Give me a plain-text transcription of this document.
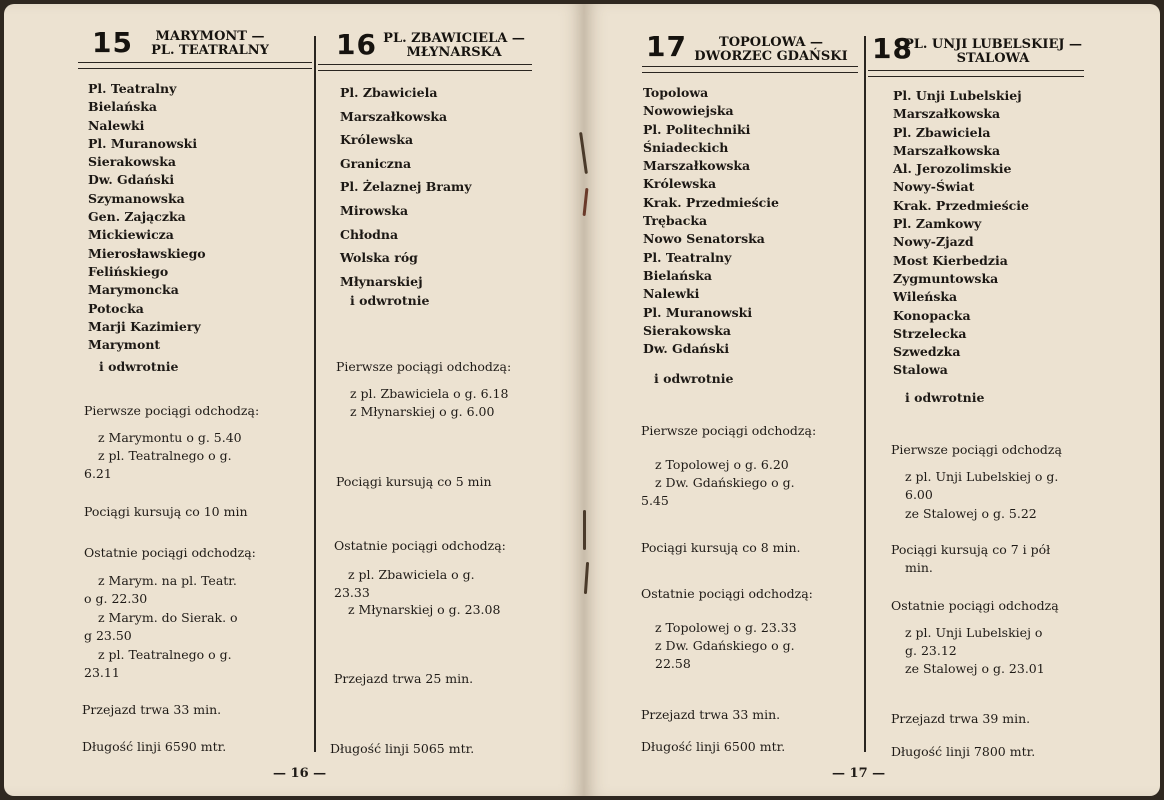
15	MARYMONT —
PL. TEATRALNY
Pl. Teatralny
Bielańska
Nalewki
Pl. Muranowski
Sierakowska
Dw. Gdański
Szymanowska
Gen. Zajączka
Mickiewicza
Mierosławskiego
Felińskiego
Marymoncka
Potocka
Marji Kazimiery
Marymont
i odwrotnie
Pierwsze pociągi odchodzą:
z Marymontu o g. 5.40
z pl. Teatralnego o g.
6.21
Pociągi kursują co 10 min
Ostatnie pociągi odchodzą:
z Marym. na pl. Teatr.
o g. 22.30
z Marym. do Sierak. o
g 23.50
z pl. Teatralnego o g.
23.11
Przejazd trwa 33 min.
Długość linji 6590 mtr.
16 PL. ZBAWICIELA —
MŁYNARSKA
Pl. Zbawiciela
Marszałkowska
Królewska
Graniczna
Pl. Żelaznej Bramy
Mirowska
Chłodna
Wolska róg
Młynarskiej
i odwrotnie
Pierwsze pociągi odchodzą:
z pl. Zbawiciela o g. 6.18
z Młynarskiej o g. 6.00
Pociągi kursują co 5 min
Ostatnie pociągi odchodzą:
z pl. Zbawiciela o g.
23.33
z Młynarskiej o g. 23.08
Przejazd trwa 25 min.
Długość linji 5065 mtr.
17	TOPOLOWA —
DWORZEC GDAŃSKI
Topolowa
Nowowiejska
Pl. Politechniki
Śniadeckich
Marszałkowska
Królewska
Krak. Przedmieście
Trębacka
Nowo Senatorska
Pl. Teatralny
Bielańska
Nalewki
Pl. Muranowski
Sierakowska
Dw. Gdański
i odwrotnie
Pierwsze pociągi odchodzą:
z Topolowej o g. 6.20
z Dw. Gdańskiego o g.
5.45
Pociągi kursują co 8 min.
Ostatnie pociągi odchodzą:
z Topolowej o g. 23.33
z Dw. Gdańskiego o g.
22.58
Przejazd trwa 33 min.
Długość linji 6500 mtr.
18
PL. UNJI LUBELSKIEJ —
STALOWA
Pl. Unji Lubelskiej
Marszałkowska
Pl. Zbawiciela
Marszałkowska
Al. Jerozolimskie
Nowy-Świat
Krak. Przedmieście
Pl. Zamkowy
Nowy-Zjazd
Most Kierbedzia
Zygmuntowska
Wileńska
Konopacka
Strzelecka
Szwedzka
Stalowa
i odwrotnie
Pierwsze pociągi odchodzą
z pl. Unji Lubelskiej o g.
6.00
ze Stalowej o g. 5.22
Pociągi kursują co 7 i pół
min.
Ostatnie pociągi odchodzą
z pl. Unji Lubelskiej o
g. 23.12
ze Stalowej o g. 23.01
Przejazd trwa 39 min.
Długość linji 7800 mtr.
— 16 —	— 17 —
